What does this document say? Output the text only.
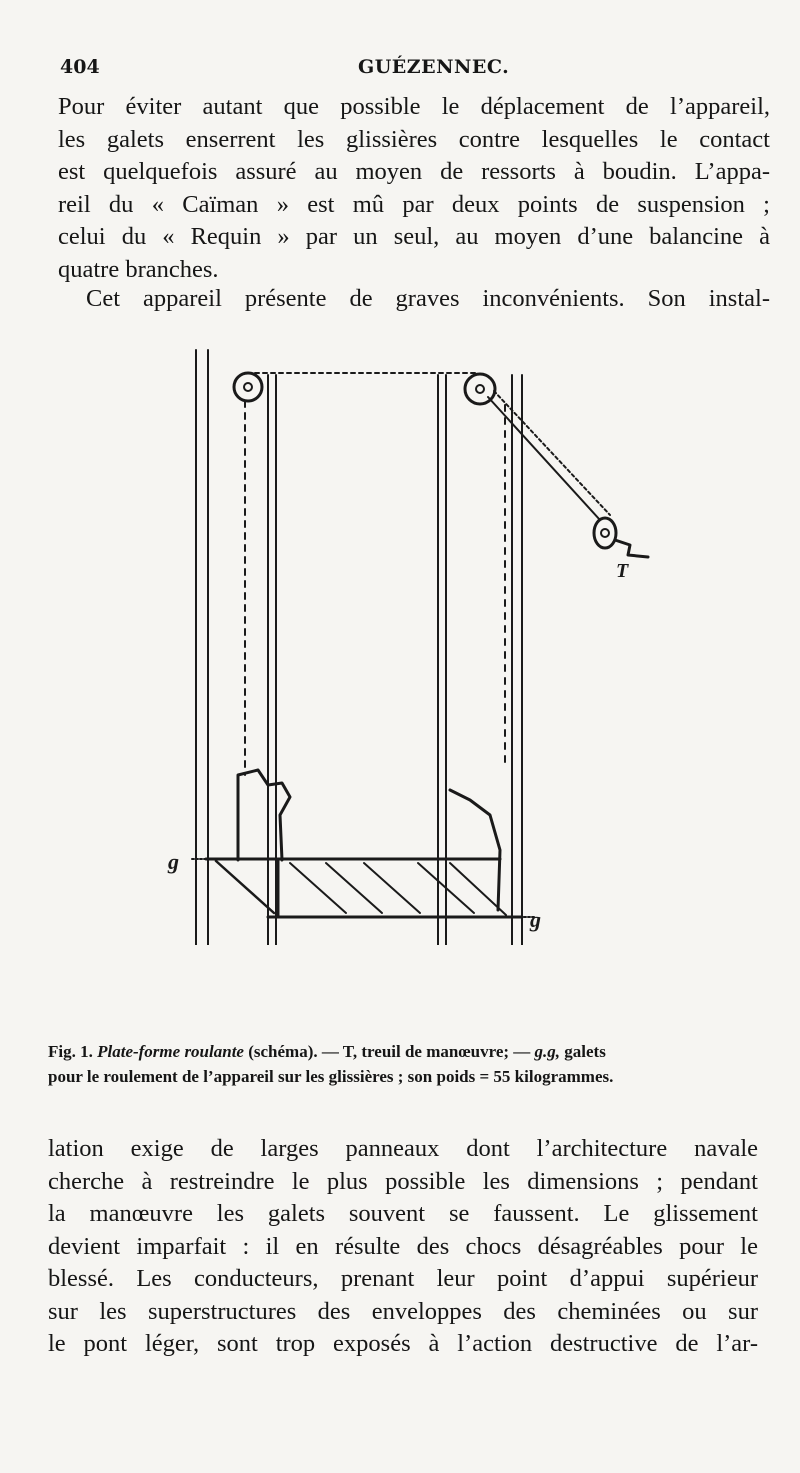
404	GUÉZENNEC.
Pour éviter autant que possible le déplacement de l’appareil,
les galets enserrent les glissières contre lesquelles le contact
est quelquefois assuré au moyen de ressorts à boudin. L’appa-
reil du « Caïman » est mû par deux points de suspension ;
celui du « Requin » par un seul, au moyen d’une balancine à
quatre branches.
Cet appareil présente de graves inconvénients. Son instal-
T
g
g
Fig. 1. Plate-forme roulante (schéma). — T, treuil de manœuvre; — g.g, galets
pour le roulement de l’appareil sur les glissières ; son poids = 55 kilogrammes.
lation exige de larges panneaux dont l’architecture navale
cherche à restreindre le plus possible les dimensions ; pendant
la manœuvre les galets souvent se faussent. Le glissement
devient imparfait : il en résulte des chocs désagréables pour le
blessé. Les conducteurs, prenant leur point d’appui supérieur
sur les superstructures des enveloppes des cheminées ou sur
le pont léger, sont trop exposés à l’action destructive de l’ar-
